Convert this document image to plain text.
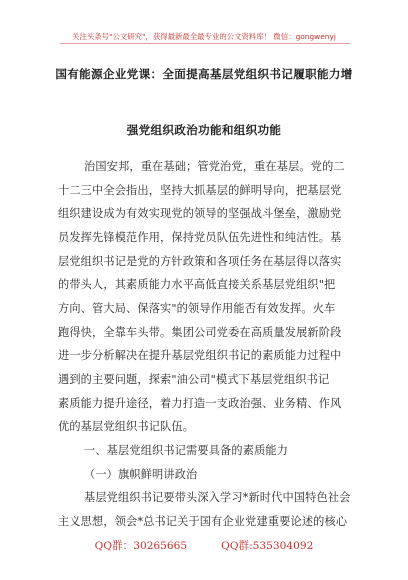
关注头条号"公文研究"，获得最新最全最专业的公文资料库！ 微信：gongwenyj
国有能源企业党课：全面提高基层党组织书记履职能力增
强党组织政治功能和组织功能
治国安邦，重在基础；管党治党，重在基层。党的二
十二三中全会指出，坚持大抓基层的鲜明导向，把基层党
组织建设成为有效实现党的领导的坚强战斗堡垒，激励党
员发挥先锋模范作用，保持党员队伍先进性和纯洁性。基
层党组织书记是党的方针政策和各项任务在基层得以落实
的带头人，其素质能力水平高低直接关系基层党组织"把
方向、管大局、保落实"的领导作用能否有效发挥。火车
跑得快，全靠车头带。集团公司党委在高质量发展新阶段
进一步分析解决在提升基层党组织书记的素质能力过程中
遇到的主要问题，探索"油公司"模式下基层党组织书记
素质能力提升途径，着力打造一支政治强、业务精、作风
优的基层党组织书记队伍。
一、基层党组织书记需要具备的素质能力
（一）旗帜鲜明讲政治
基层党组织书记要带头深入学习*新时代中国特色社会
主义思想，领会*总书记关于国有企业党建重要论述的核心
QQ群：30265665	QQ群:535304092
